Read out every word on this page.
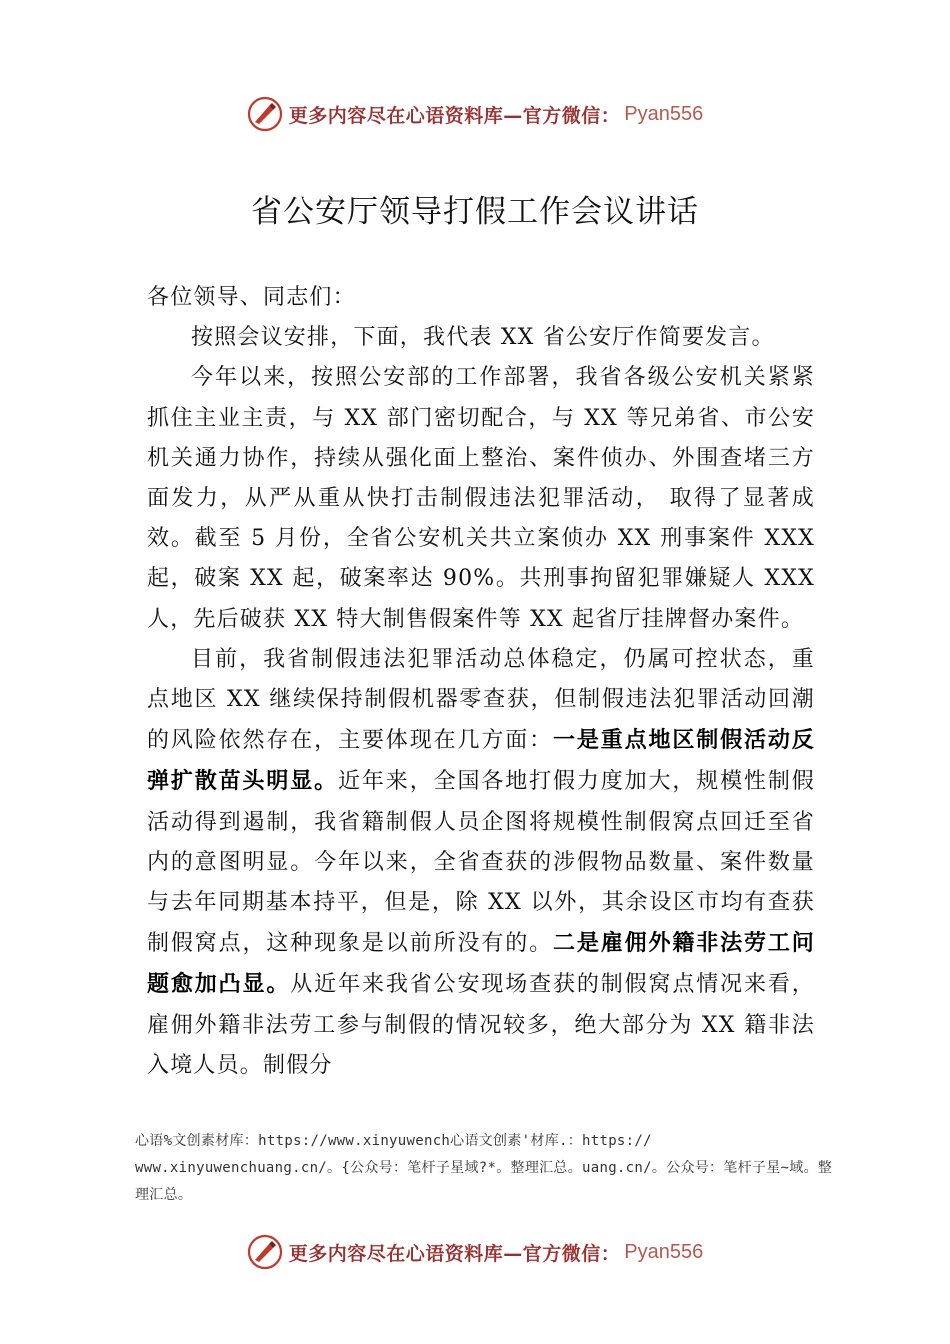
更多内容尽在心语资料库—官方微信： Pyan556
省公安厅领导打假工作会议讲话

各位领导、同志们：

按照会议安排，下面，我代表 XX 省公安厅作简要发言。

今年以来，按照公安部的工作部署，我省各级公安机关紧紧抓住主业主责，与 XX 部门密切配合，与 XX 等兄弟省、市公安机关通力协作，持续从强化面上整治、案件侦办、外围查堵三方面发力，从严从重从快打击制假违法犯罪活动， 取得了显著成效。截至 5 月份，全省公安机关共立案侦办 XX 刑事案件 XXX 起，破案 XX 起，破案率达 90%。共刑事拘留犯罪嫌疑人 XXX 人，先后破获 XX 特大制售假案件等 XX 起省厅挂牌督办案件。

目前，我省制假违法犯罪活动总体稳定，仍属可控状态，重点地区 XX 继续保持制假机器零查获，但制假违法犯罪活动回潮的风险依然存在，主要体现在几方面：一是重点地区制假活动反弹扩散苗头明显。近年来，全国各地打假力度加大，规模性制假活动得到遏制，我省籍制假人员企图将规模性制假窝点回迁至省内的意图明显。今年以来，全省查获的涉假物品数量、案件数量与去年同期基本持平，但是，除 XX 以外，其余设区市均有查获制假窝点，这种现象是以前所没有的。二是雇佣外籍非法劳工问题愈加凸显。从近年来我省公安现场查获的制假窝点情况来看，雇佣外籍非法劳工参与制假的情况较多，绝大部分为 XX 籍非法入境人员。制假分

心语%文创素材库：https://www.xinyuwench心语文创素'材库.：https:// www.xinyuwenchuang.cn/。{公众号：笔杆子星域?*。整理汇总。uang.cn/。公众号：笔杆子星~域。整理汇总。
更多内容尽在心语资料库—官方微信： Pyan556
